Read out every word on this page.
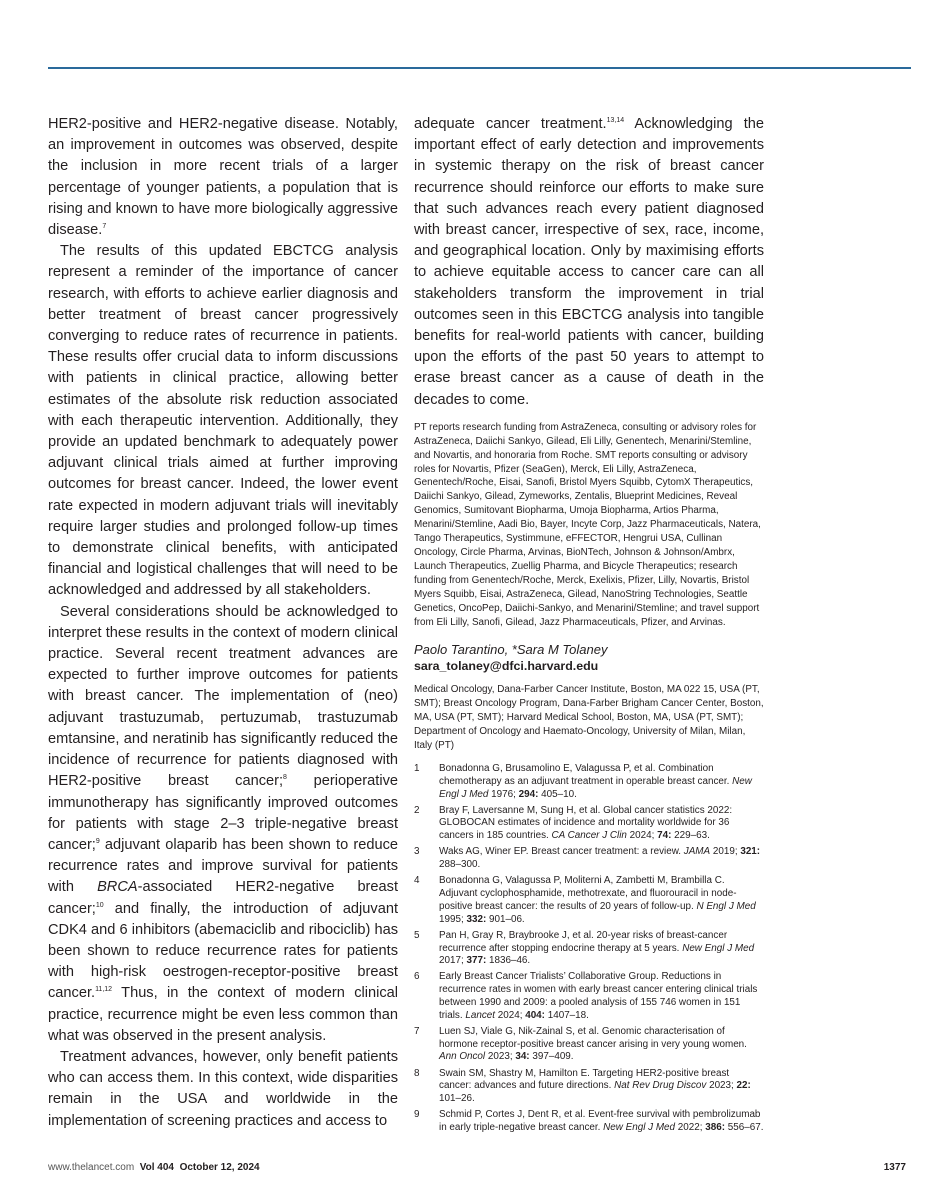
HER2-positive and HER2-negative disease. Notably, an improvement in outcomes was observed, despite the inclusion in more recent trials of a larger percentage of younger patients, a population that is rising and known to have more biologically aggressive disease.$^7$

The results of this updated EBCTCG analysis represent a reminder of the importance of cancer research, with efforts to achieve earlier diagnosis and better treatment of breast cancer progressively converging to reduce rates of recurrence in patients. These results offer crucial data to inform discussions with patients in clinical practice, allowing better estimates of the absolute risk reduction associated with each therapeutic intervention. Additionally, they provide an updated benchmark to adequately power adjuvant clinical trials aimed at further improving outcomes for breast cancer. Indeed, the lower event rate expected in modern adjuvant trials will inevitably require larger studies and prolonged follow-up times to demonstrate clinical benefits, with anticipated financial and logistical challenges that will need to be acknowledged and addressed by all stakeholders.

Several considerations should be acknowledged to interpret these results in the context of modern clinical practice. Several recent treatment advances are expected to further improve outcomes for patients with breast cancer. The implementation of (neo) adjuvant trastuzumab, pertuzumab, trastuzumab emtansine, and neratinib has significantly reduced the incidence of recurrence for patients diagnosed with HER2-positive breast cancer;$^8$ perioperative immunotherapy has significantly improved outcomes for patients with stage 2–3 triple-negative breast cancer;$^9$ adjuvant olaparib has been shown to reduce recurrence rates and improve survival for patients with BRCA-associated HER2-negative breast cancer;$^{10}$ and finally, the introduction of adjuvant CDK4 and 6 inhibitors (abemaciclib and ribociclib) has been shown to reduce recurrence rates for patients with high-risk oestrogen-receptor-positive breast cancer.$^{11,12}$ Thus, in the context of modern clinical practice, recurrence might be even less common than what was observed in the present analysis.

Treatment advances, however, only benefit patients who can access them. In this context, wide disparities remain in the USA and worldwide in the implementation of screening practices and access to

adequate cancer treatment.$^{13,14}$ Acknowledging the important effect of early detection and improvements in systemic therapy on the risk of breast cancer recurrence should reinforce our efforts to make sure that such advances reach every patient diagnosed with breast cancer, irrespective of sex, race, income, and geographical location. Only by maximising efforts to achieve equitable access to cancer care can all stakeholders transform the improvement in trial outcomes seen in this EBCTCG analysis into tangible benefits for real-world patients with cancer, building upon the efforts of the past 50 years to attempt to erase breast cancer as a cause of death in the decades to come.

PT reports research funding from AstraZeneca, consulting or advisory roles for AstraZeneca, Daiichi Sankyo, Gilead, Eli Lilly, Genentech, Menarini/Stemline, and Novartis, and honoraria from Roche. SMT reports consulting or advisory roles for Novartis, Pfizer (SeaGen), Merck, Eli Lilly, AstraZeneca, Genentech/Roche, Eisai, Sanofi, Bristol Myers Squibb, CytomX Therapeutics, Daiichi Sankyo, Gilead, Zymeworks, Zentalis, Blueprint Medicines, Reveal Genomics, Sumitovant Biopharma, Umoja Biopharma, Artios Pharma, Menarini/Stemline, Aadi Bio, Bayer, Incyte Corp, Jazz Pharmaceuticals, Natera, Tango Therapeutics, Systimmune, eFFECTOR, Hengrui USA, Cullinan Oncology, Circle Pharma, Arvinas, BioNTech, Johnson & Johnson/Ambrx, Launch Therapeutics, Zuellig Pharma, and Bicycle Therapeutics; research funding from Genentech/Roche, Merck, Exelixis, Pfizer, Lilly, Novartis, Bristol Myers Squibb, Eisai, AstraZeneca, Gilead, NanoString Technologies, Seattle Genetics, OncoPep, Daiichi-Sankyo, and Menarini/Stemline; and travel support from Eli Lilly, Sanofi, Gilead, Jazz Pharmaceuticals, Pfizer, and Arvinas.

Paolo Tarantino, *Sara M Tolaney

sara_tolaney@dfci.harvard.edu

Medical Oncology, Dana-Farber Cancer Institute, Boston, MA 022 15, USA (PT, SMT); Breast Oncology Program, Dana-Farber Brigham Cancer Center, Boston, MA, USA (PT, SMT); Harvard Medical School, Boston, MA, USA (PT, SMT); Department of Oncology and Haemato-Oncology, University of Milan, Milan, Italy (PT)

1	Bonadonna G, Brusamolino E, Valagussa P, et al. Combination chemotherapy as an adjuvant treatment in operable breast cancer. New Engl J Med 1976; 294: 405–10.
2	Bray F, Laversanne M, Sung H, et al. Global cancer statistics 2022: GLOBOCAN estimates of incidence and mortality worldwide for 36 cancers in 185 countries. CA Cancer J Clin 2024; 74: 229–63.
3	Waks AG, Winer EP. Breast cancer treatment: a review. JAMA 2019; 321: 288–300.
4	Bonadonna G, Valagussa P, Moliterni A, Zambetti M, Brambilla C. Adjuvant cyclophosphamide, methotrexate, and fluorouracil in node-positive breast cancer: the results of 20 years of follow-up. N Engl J Med 1995; 332: 901–06.
5	Pan H, Gray R, Braybrooke J, et al. 20-year risks of breast-cancer recurrence after stopping endocrine therapy at 5 years. New Engl J Med 2017; 377: 1836–46.
6	Early Breast Cancer Trialists’ Collaborative Group. Reductions in recurrence rates in women with early breast cancer entering clinical trials between 1990 and 2009: a pooled analysis of 155 746 women in 151 trials. Lancet 2024; 404: 1407–18.
7	Luen SJ, Viale G, Nik-Zainal S, et al. Genomic characterisation of hormone receptor-positive breast cancer arising in very young women. Ann Oncol 2023; 34: 397–409.
8	Swain SM, Shastry M, Hamilton E. Targeting HER2-positive breast cancer: advances and future directions. Nat Rev Drug Discov 2023; 22: 101–26.
9	Schmid P, Cortes J, Dent R, et al. Event-free survival with pembrolizumab in early triple-negative breast cancer. New Engl J Med 2022; 386: 556–67.
www.thelancet.com Vol 404 October 12, 2024	1377
